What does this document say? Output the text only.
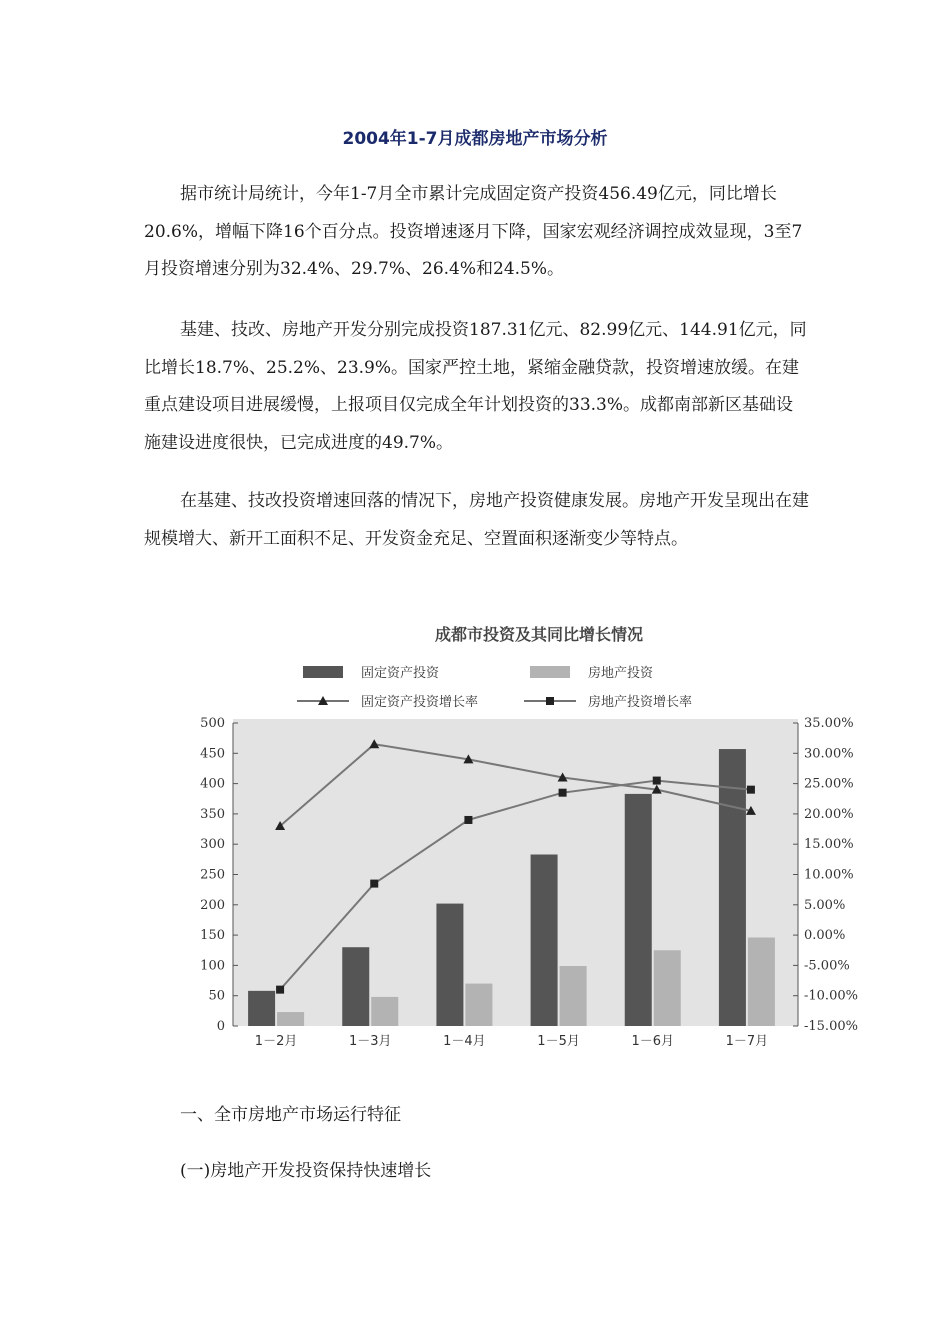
2004年1-7月成都房地产市场分析

据市统计局统计，今年1-7月全市累计完成固定资产投资456.49亿元，同比增长20.6%，增幅下降16个百分点。投资增速逐月下降，国家宏观经济调控成效显现，3至7月投资增速分别为32.4%、29.7%、26.4%和24.5%。

基建、技改、房地产开发分别完成投资187.31亿元、82.99亿元、144.91亿元，同比增长18.7%、25.2%、23.9%。国家严控土地，紧缩金融贷款，投资增速放缓。在建重点建设项目进展缓慢，上报项目仅完成全年计划投资的33.3%。成都南部新区基础设施建设进度很快，已完成进度的49.7%。

在基建、技改投资增速回落的情况下，房地产投资健康发展。房地产开发呈现出在建规模增大、新开工面积不足、开发资金充足、空置面积逐渐变少等特点。

成都市投资及其同比增长情况
固定资产投资	房地产投资
固定资产投资增长率	房地产投资增长率
0
50
100
150
200
250
300
350
400
450
500
-15.00%
-10.00%
-5.00%
0.00%
5.00%
10.00%
15.00%
20.00%
25.00%
30.00%
35.00%
1－2月	1－3月	1－4月	1－5月	1－6月	1－7月

一、全市房地产市场运行特征

(一)房地产开发投资保持快速增长
